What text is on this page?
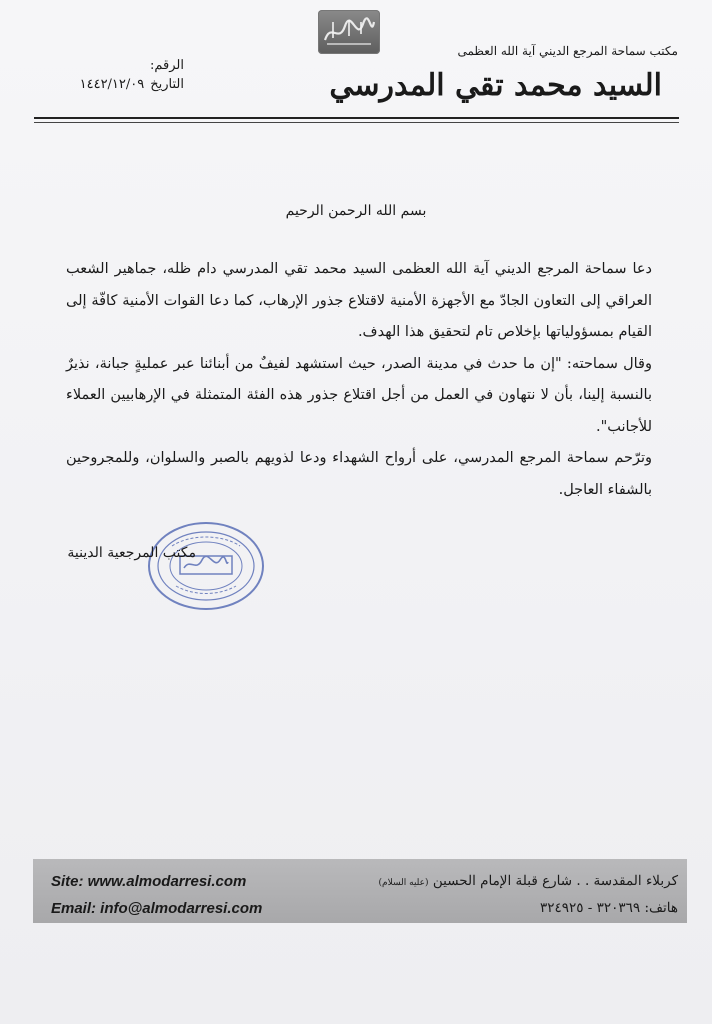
مكتب سماحة المرجع الديني آية الله العظمى
السيد محمد تقي المدرسي
الرقم:
التاريخ١٤٤٢/١٢/٠٩
بسم الله الرحمن الرحيم

دعا سماحة المرجع الديني آية الله العظمى السيد محمد تقي المدرسي دام ظله، جماهير الشعب العراقي إلى التعاون الجادّ مع الأجهزة الأمنية لاقتلاع جذور الإرهاب، كما دعا القوات الأمنية كافّة إلى القيام بمسؤولياتها بإخلاص تام لتحقيق هذا الهدف.

وقال سماحته: "إن ما حدث في مدينة الصدر، حيث استشهد لفيفٌ من أبنائنا عبر عمليةٍ جبانة، نذيرٌ بالنسبة إلينا، بأن لا نتهاون في العمل من أجل اقتلاع جذور هذه الفئة المتمثلة في الإرهابيين العملاء للأجانب".

وترّحم سماحة المرجع المدرسي، على أرواح الشهداء ودعا لذويهم بالصبر والسلوان، وللمجروحين بالشفاء العاجل.

مكتب المرجعية الدينية
Site: www.almodarresi.com
Email: info@almodarresi.com
كربلاء المقدسة . . شارع قبلة الإمام الحسين (عليه السلام)
هاتف: ٣٢٠٣٦٩ - ٣٢٤٩٢٥
